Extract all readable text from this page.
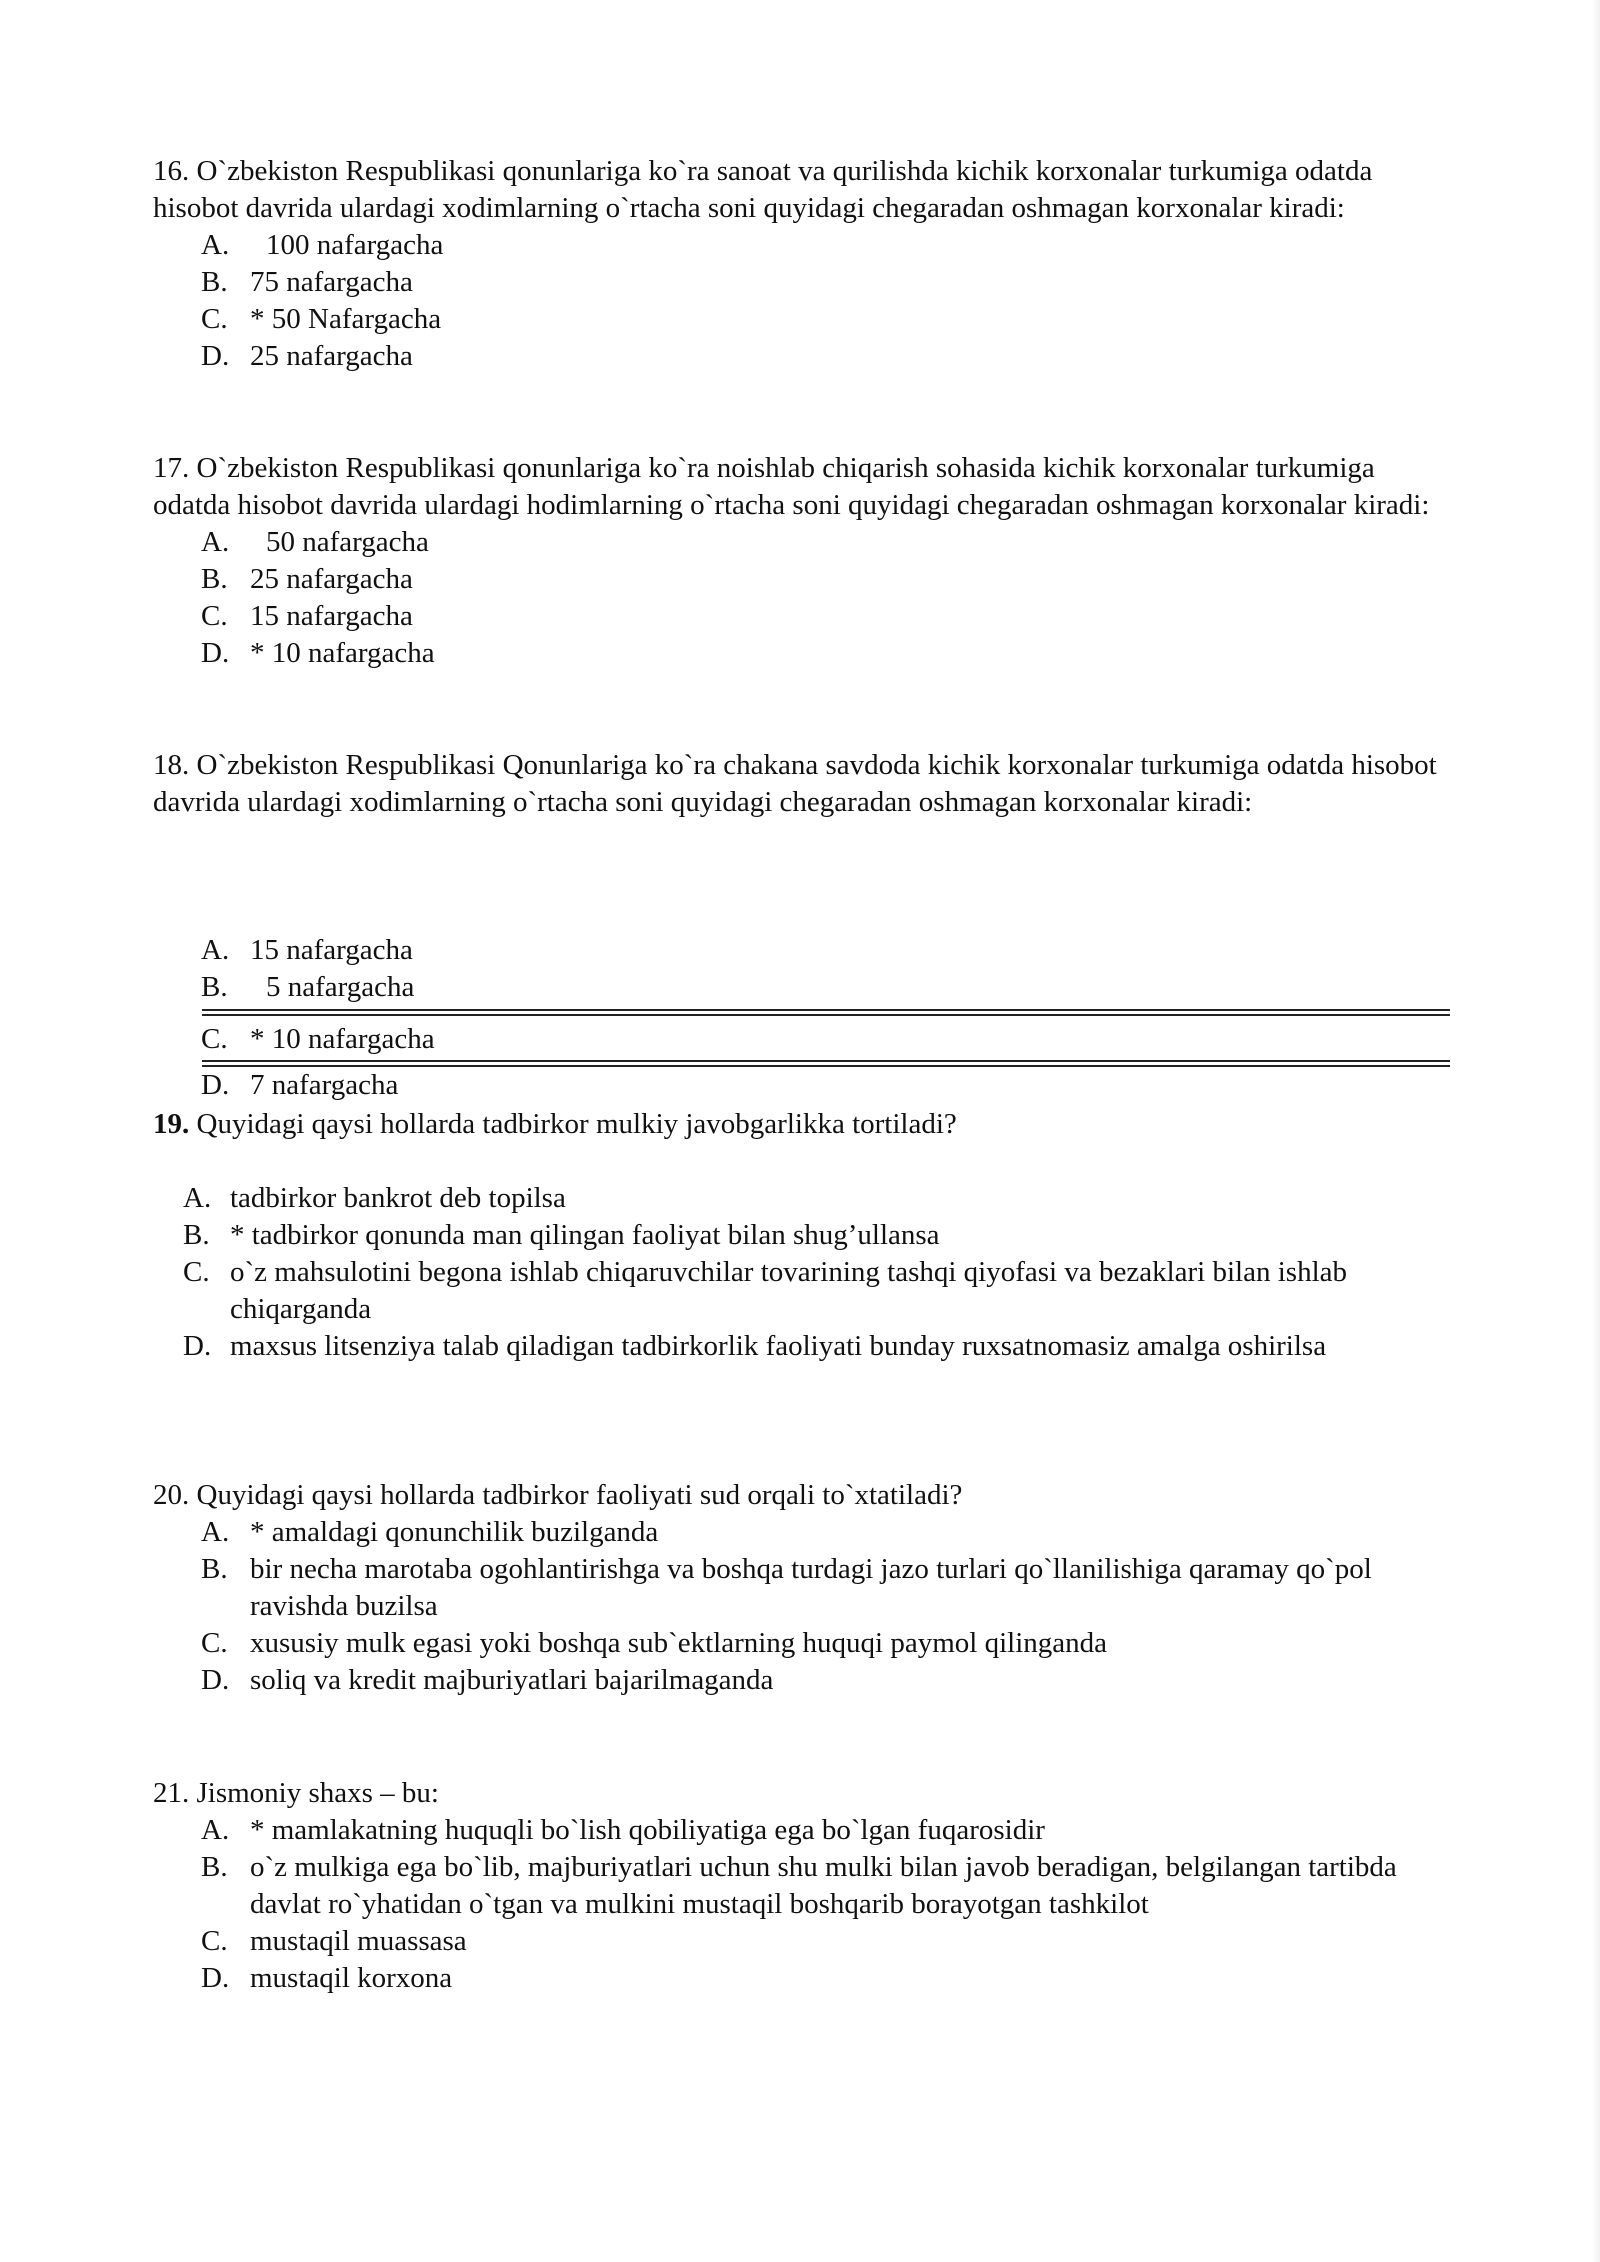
16. O`zbekiston Respublikasi qonunlariga ko`ra sanoat va qurilishda kichik korxonalar turkumiga odatda hisobot davrida ulardagi xodimlarning o`rtacha soni quyidagi chegaradan oshmagan korxonalar kiradi:

A. 100 nafargacha
B. 75 nafargacha
C. * 50 Nafargacha
D. 25 nafargacha

17. O`zbekiston Respublikasi qonunlariga ko`ra noishlab chiqarish sohasida kichik korxonalar turkumiga odatda hisobot davrida ulardagi hodimlarning o`rtacha soni quyidagi chegaradan oshmagan korxonalar kiradi:

A. 50 nafargacha
B. 25 nafargacha
C. 15 nafargacha
D. * 10 nafargacha

18. O`zbekiston Respublikasi Qonunlariga ko`ra chakana savdoda kichik korxonalar turkumiga odatda hisobot davrida ulardagi xodimlarning o`rtacha soni quyidagi chegaradan oshmagan korxonalar kiradi:

A. 15 nafargacha
B. 5 nafargacha
C. * 10 nafargacha
D. 7 nafargacha

19. Quyidagi qaysi hollarda tadbirkor mulkiy javobgarlikka tortiladi?

A. tadbirkor bankrot deb topilsa
B. * tadbirkor qonunda man qilingan faoliyat bilan shug’ullansa
C. o`z mahsulotini begona ishlab chiqaruvchilar tovarining tashqi qiyofasi va bezaklari bilan ishlab chiqarganda
D. maxsus litsenziya talab qiladigan tadbirkorlik faoliyati bunday ruxsatnomasiz amalga oshirilsa

20. Quyidagi qaysi hollarda tadbirkor faoliyati sud orqali to`xtatiladi?

A. * amaldagi qonunchilik buzilganda
B. bir necha marotaba ogohlantirishga va boshqa turdagi jazo turlari qo`llanilishiga qaramay qo`pol ravishda buzilsa
C. xususiy mulk egasi yoki boshqa sub`ektlarning huquqi paymol qilinganda
D. soliq va kredit majburiyatlari bajarilmaganda

21. Jismoniy shaxs – bu:

A. * mamlakatning huquqli bo`lish qobiliyatiga ega bo`lgan fuqarosidir
B. o`z mulkiga ega bo`lib, majburiyatlari uchun shu mulki bilan javob beradigan, belgilangan tartibda davlat ro`yhatidan o`tgan va mulkini mustaqil boshqarib borayotgan tashkilot
C. mustaqil muassasa
D. mustaqil korxona
